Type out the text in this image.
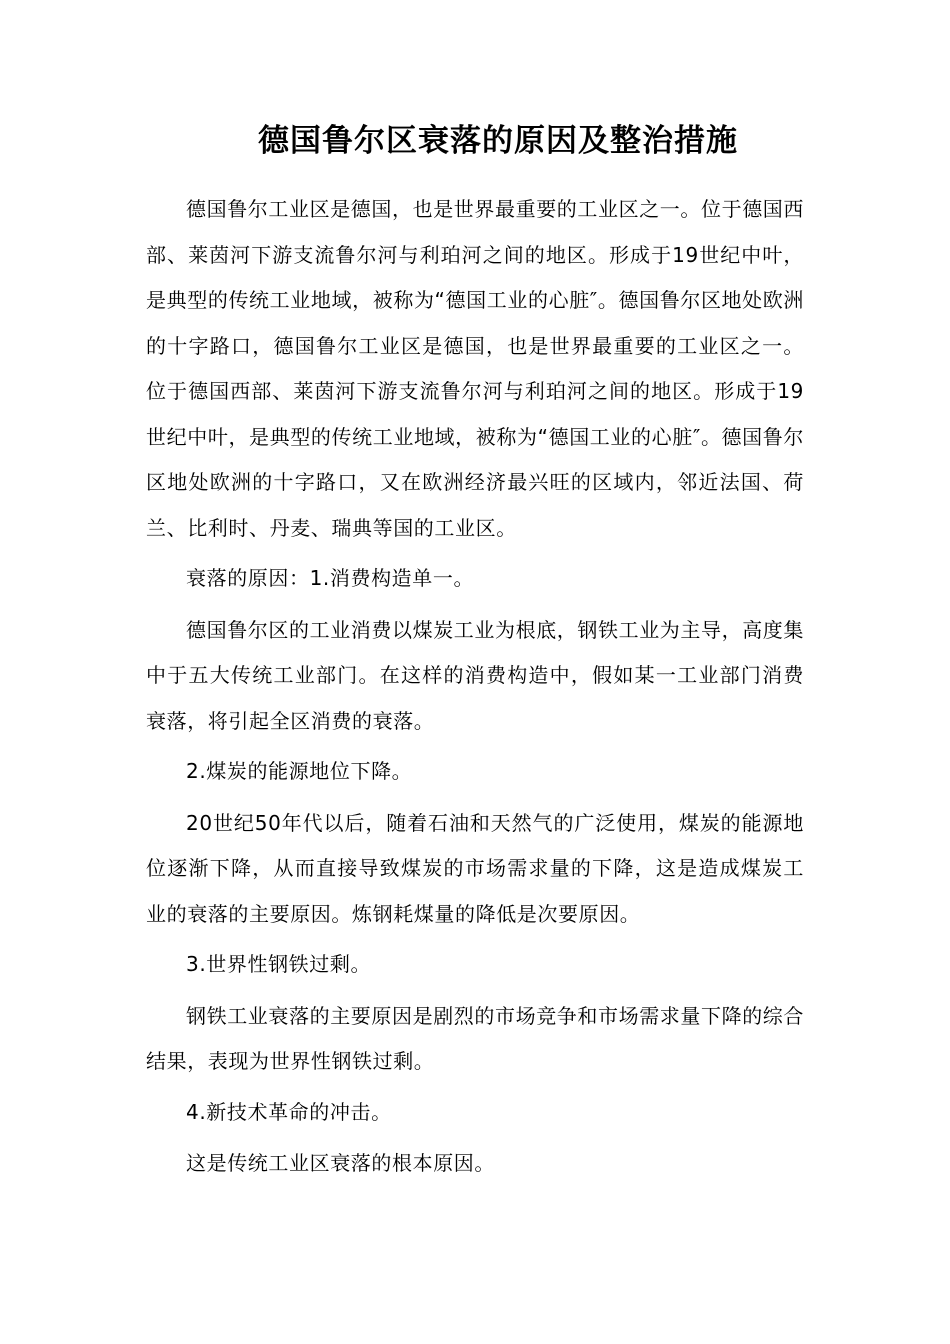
德国鲁尔区衰落的原因及整治措施

德国鲁尔工业区是德国，也是世界最重要的工业区之一。位于德国西部、莱茵河下游支流鲁尔河与利珀河之间的地区。形成于19世纪中叶，是典型的传统工业地域，被称为“德国工业的心脏″。德国鲁尔区地处欧洲的十字路口，德国鲁尔工业区是德国，也是世界最重要的工业区之一。位于德国西部、莱茵河下游支流鲁尔河与利珀河之间的地区。形成于19世纪中叶，是典型的传统工业地域，被称为“德国工业的心脏″。德国鲁尔区地处欧洲的十字路口，又在欧洲经济最兴旺的区域内，邻近法国、荷兰、比利时、丹麦、瑞典等国的工业区。

衰落的原因：1.消费构造单一。

德国鲁尔区的工业消费以煤炭工业为根底，钢铁工业为主导，高度集中于五大传统工业部门。在这样的消费构造中，假如某一工业部门消费衰落，将引起全区消费的衰落。

2.煤炭的能源地位下降。

20世纪50年代以后，随着石油和天然气的广泛使用，煤炭的能源地位逐渐下降，从而直接导致煤炭的市场需求量的下降，这是造成煤炭工业的衰落的主要原因。炼钢耗煤量的降低是次要原因。

3.世界性钢铁过剩。

钢铁工业衰落的主要原因是剧烈的市场竞争和市场需求量下降的综合结果，表现为世界性钢铁过剩。

4.新技术革命的冲击。

这是传统工业区衰落的根本原因。
